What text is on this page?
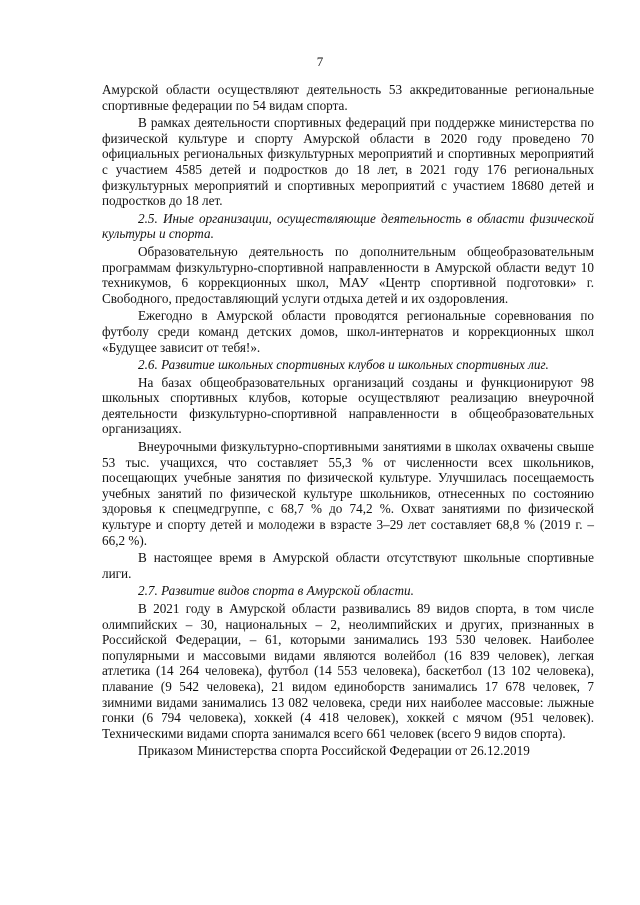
7

Амурской области осуществляют деятельность 53 аккредитованные региональные спортивные федерации по 54 видам спорта.

В рамках деятельности спортивных федераций при поддержке министерства по физической культуре и спорту Амурской области в 2020 году проведено 70 официальных региональных физкультурных мероприятий и спортивных мероприятий с участием 4585 детей и подростков до 18 лет, в 2021 году 176 региональных физкультурных мероприятий и спортивных мероприятий с участием 18680 детей и подростков до 18 лет.

2.5. Иные организации, осуществляющие деятельность в области физической культуры и спорта.

Образовательную деятельность по дополнительным общеобразовательным программам физкультурно-спортивной направленности в Амурской области ведут 10 техникумов, 6 коррекционных школ, МАУ «Центр спортивной подготовки» г. Свободного, предоставляющий услуги отдыха детей и их оздоровления.

Ежегодно в Амурской области проводятся региональные соревнования по футболу среди команд детских домов, школ-интернатов и коррекционных школ «Будущее зависит от тебя!».

2.6. Развитие школьных спортивных клубов и школьных спортивных лиг.

На базах общеобразовательных организаций созданы и функционируют 98 школьных спортивных клубов, которые осуществляют реализацию внеурочной деятельности физкультурно-спортивной направленности в общеобразовательных организациях.

Внеурочными физкультурно-спортивными занятиями в школах охвачены свыше 53 тыс. учащихся, что составляет 55,3 % от численности всех школьников, посещающих учебные занятия по физической культуре. Улучшилась посещаемость учебных занятий по физической культуре школьников, отнесенных по состоянию здоровья к спецмедгруппе, с 68,7 % до 74,2 %. Охват занятиями по физической культуре и спорту детей и молодежи в взрасте 3–29 лет составляет 68,8 % (2019 г. – 66,2 %).

В настоящее время в Амурской области отсутствуют школьные спортивные лиги.

2.7. Развитие видов спорта в Амурской области.

В 2021 году в Амурской области развивались 89 видов спорта, в том числе олимпийских – 30, национальных – 2, неолимпийских и других, признанных в Российской Федерации, – 61, которыми занимались 193 530 человек. Наиболее популярными и массовыми видами являются волейбол (16 839 человек), легкая атлетика (14 264 человека), футбол (14 553 человека), баскетбол (13 102 человека), плавание (9 542 человека), 21 видом единоборств занимались 17 678 человек, 7 зимними видами занимались 13 082 человека, среди них наиболее массовые: лыжные гонки (6 794 человека), хоккей (4 418 человек), хоккей с мячом (951 человек). Техническими видами спорта занимался всего 661 человек (всего 9 видов спорта).

Приказом Министерства спорта Российской Федерации от 26.12.2019
